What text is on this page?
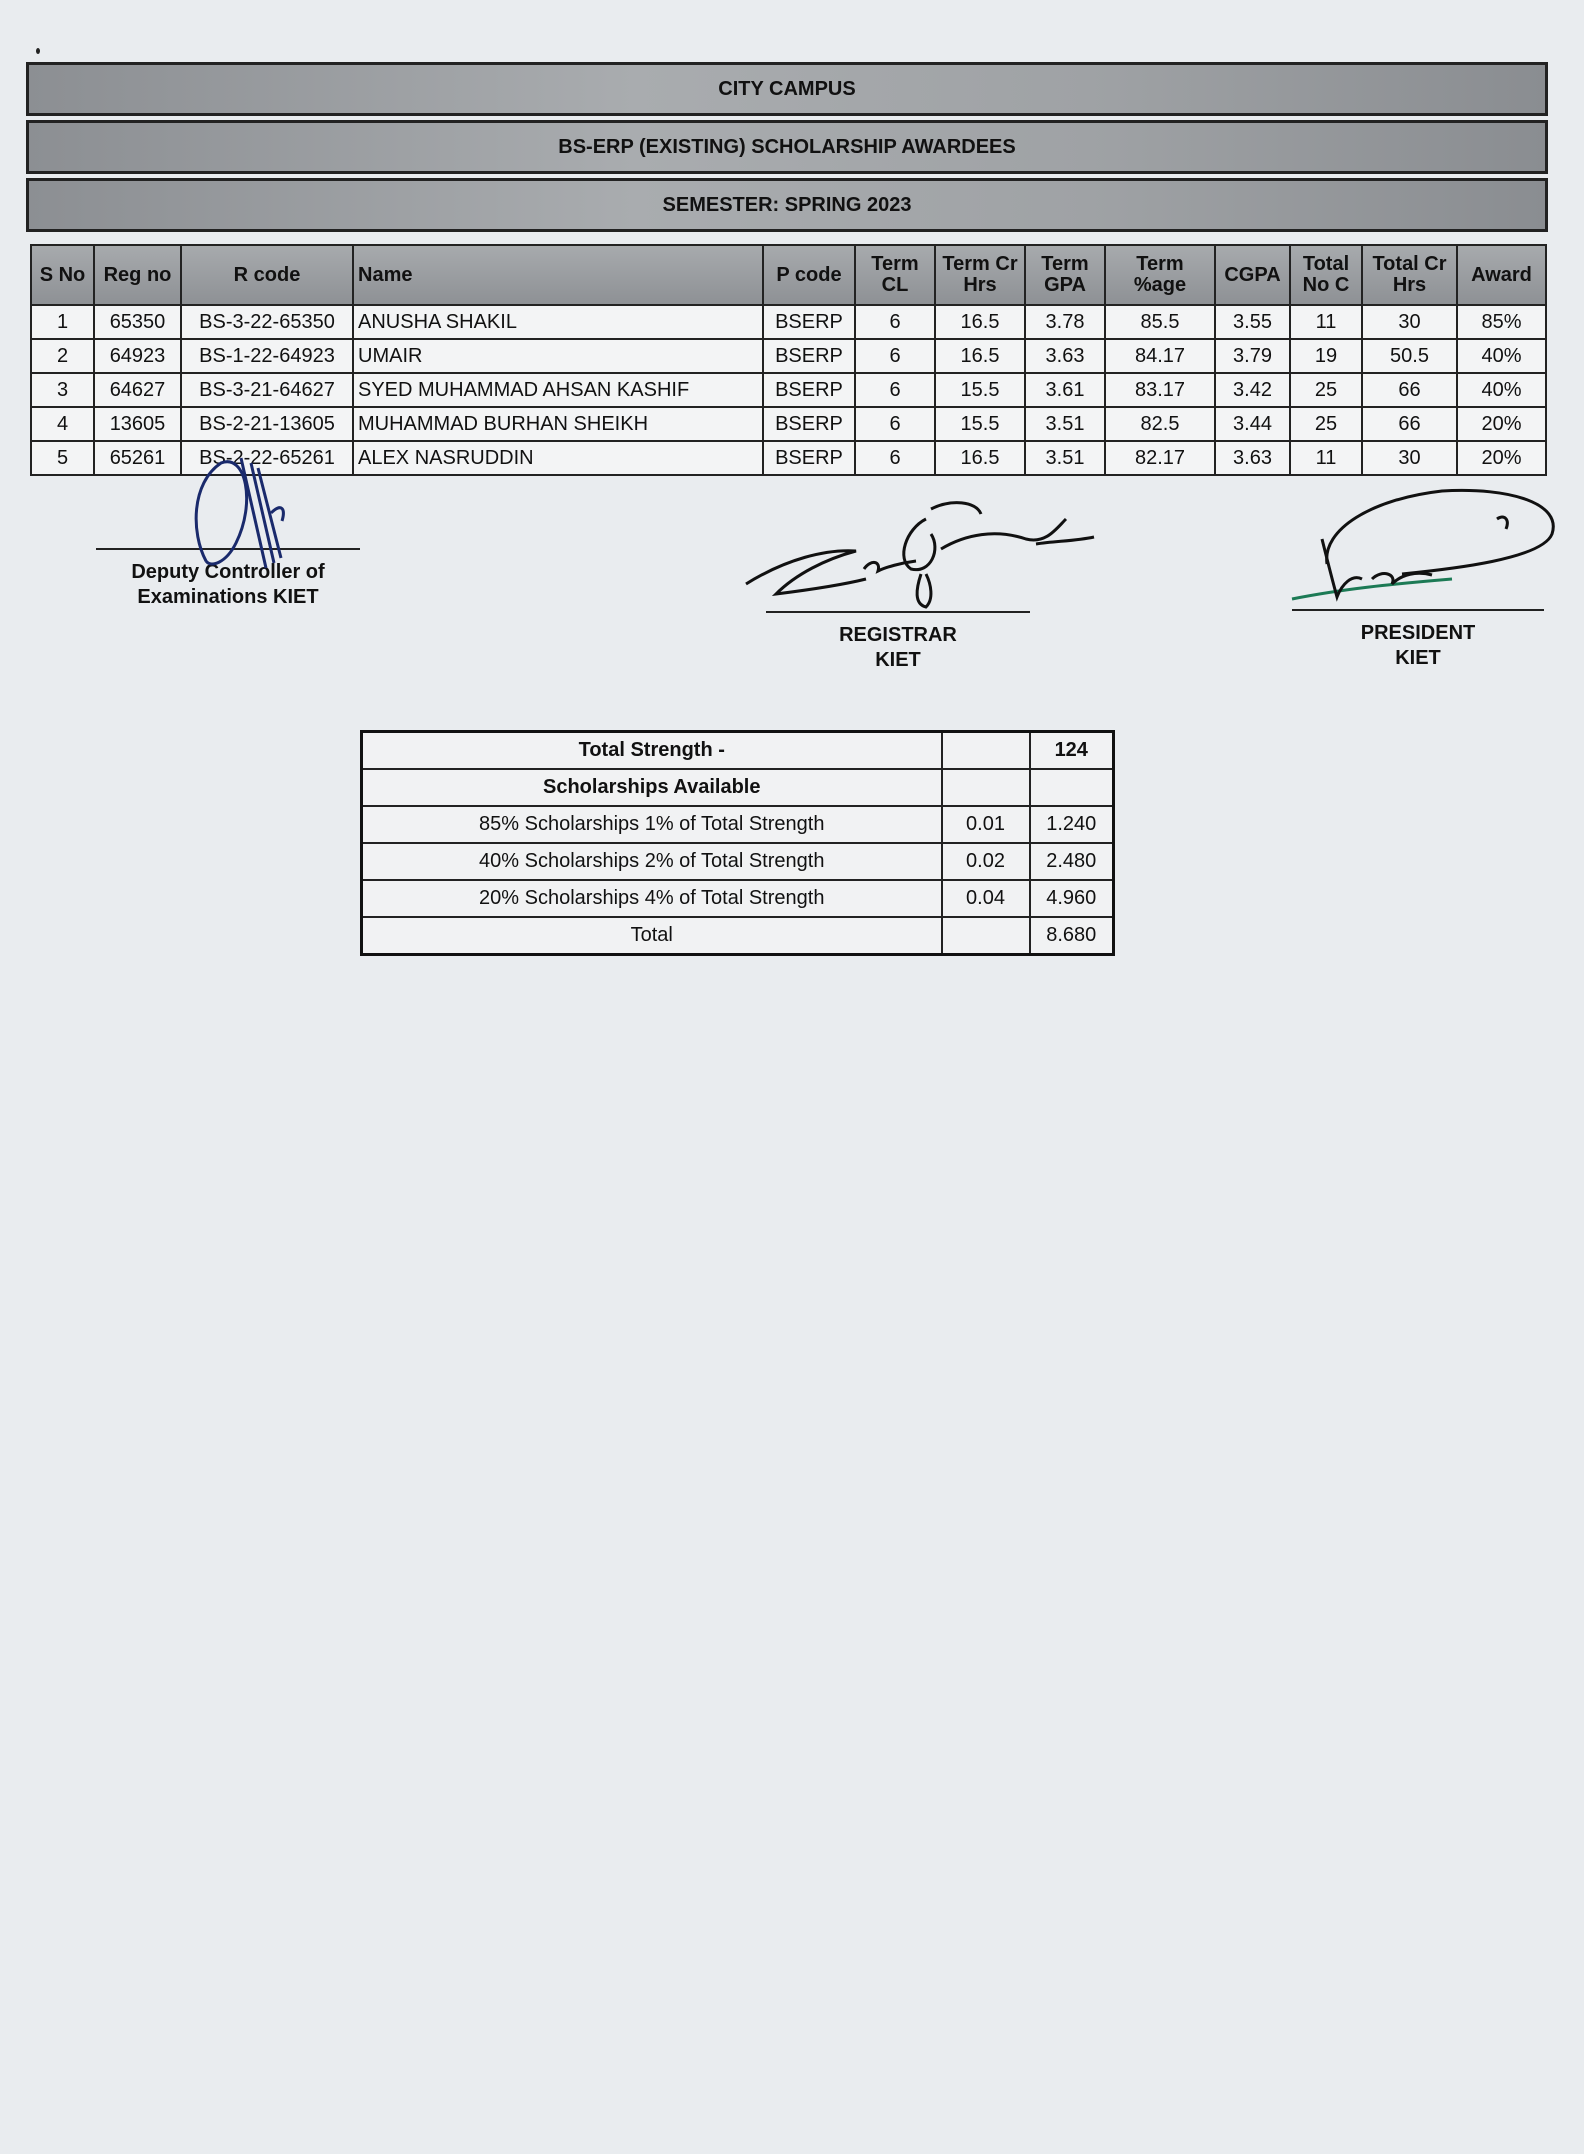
CITY CAMPUS
BS-ERP (EXISTING) SCHOLARSHIP AWARDEES
SEMESTER: SPRING 2023
S No	Reg no	R code	Name	P code	Term CL	Term Cr Hrs	Term GPA	Term %age	CGPA	Total No C	Total Cr Hrs	Award
1	65350	BS-3-22-65350	ANUSHA SHAKIL	BSERP	6	16.5	3.78	85.5	3.55	11	30	85%
2	64923	BS-1-22-64923	UMAIR	BSERP	6	16.5	3.63	84.17	3.79	19	50.5	40%
3	64627	BS-3-21-64627	SYED MUHAMMAD AHSAN KASHIF	BSERP	6	15.5	3.61	83.17	3.42	25	66	40%
4	13605	BS-2-21-13605	MUHAMMAD BURHAN SHEIKH	BSERP	6	15.5	3.51	82.5	3.44	25	66	20%
5	65261	BS-2-22-65261	ALEX NASRUDDIN	BSERP	6	16.5	3.51	82.17	3.63	11	30	20%
Deputy Controller of
Examinations KIET
REGISTRAR
KIET
PRESIDENT
KIET
Total Strength -		124
Scholarships Available		
85% Scholarships 1% of Total Strength	0.01	1.240
40% Scholarships 2% of Total Strength	0.02	2.480
20% Scholarships 4% of Total Strength	0.04	4.960
Total		8.680
